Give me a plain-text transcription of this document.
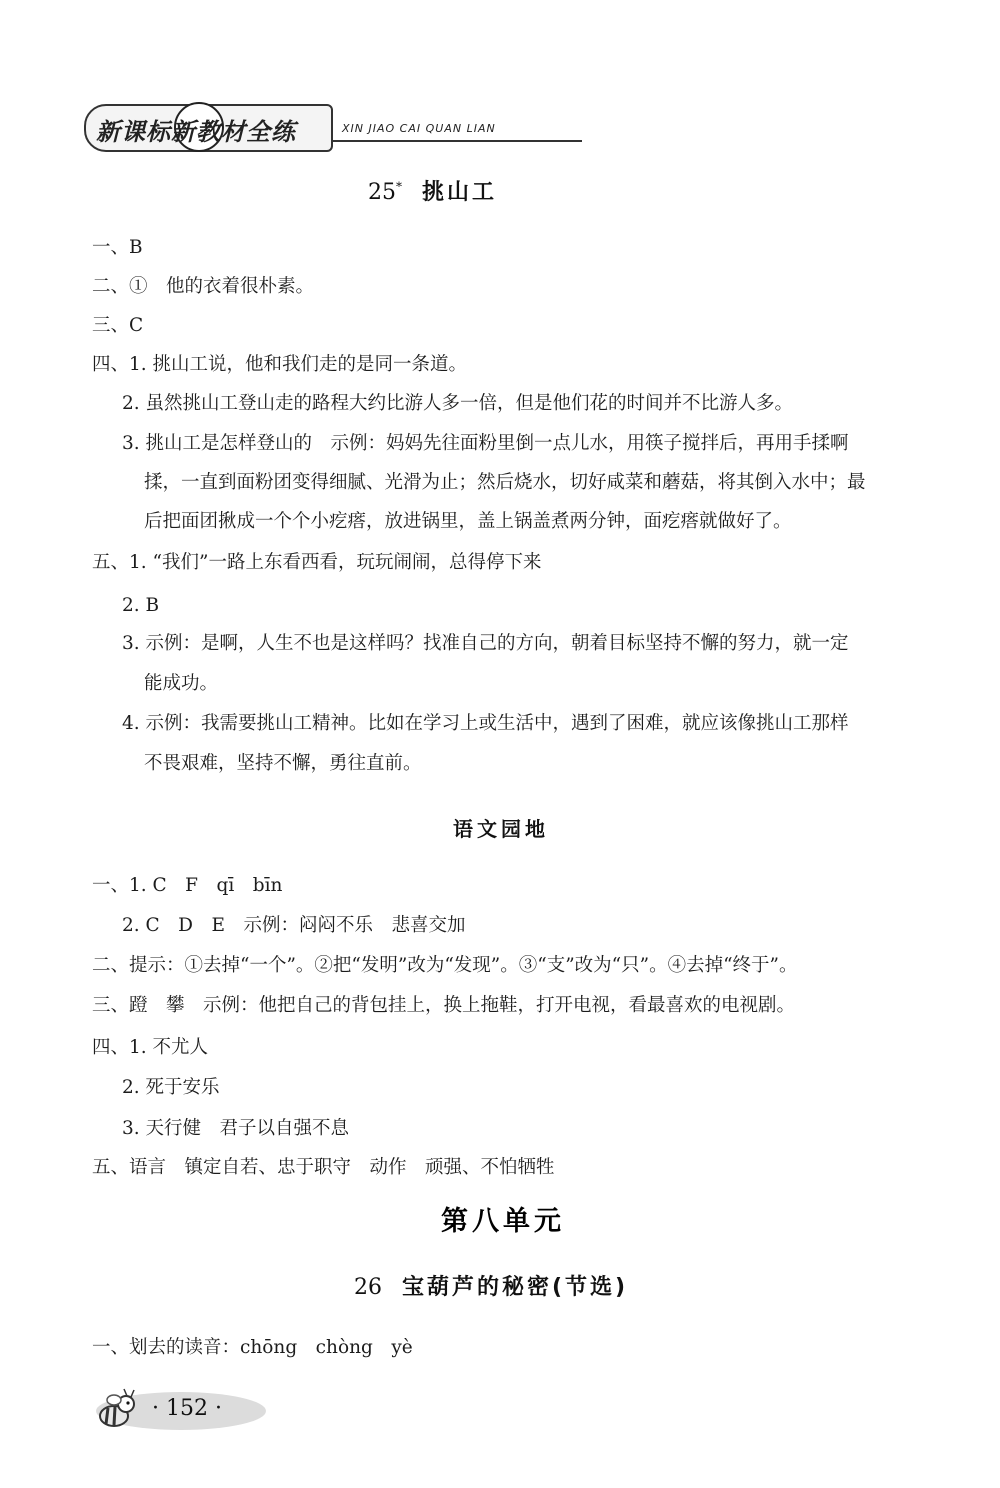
新课标新教材全练	XIN JIAO CAI QUAN LIAN
25* 挑山工
一、B
二、①　他的衣着很朴素。
三、C
四、1. 挑山工说，他和我们走的是同一条道。
2. 虽然挑山工登山走的路程大约比游人多一倍，但是他们花的时间并不比游人多。
3. 挑山工是怎样登山的　示例：妈妈先往面粉里倒一点儿水，用筷子搅拌后，再用手揉啊
揉，一直到面粉团变得细腻、光滑为止；然后烧水，切好咸菜和蘑菇，将其倒入水中；最
后把面团揪成一个个小疙瘩，放进锅里，盖上锅盖煮两分钟，面疙瘩就做好了。
五、1. “我们”一路上东看西看，玩玩闹闹，总得停下来
2. B
3. 示例：是啊，人生不也是这样吗？找准自己的方向，朝着目标坚持不懈的努力，就一定
能成功。
4. 示例：我需要挑山工精神。比如在学习上或生活中，遇到了困难，就应该像挑山工那样
不畏艰难，坚持不懈，勇往直前。
语文园地
一、1. C　F　qī　bīn
2. C　D　E　示例：闷闷不乐　悲喜交加
二、提示：①去掉“一个”。②把“发明”改为“发现”。③“支”改为“只”。④去掉“终于”。
三、蹬　攀　示例：他把自己的背包挂上，换上拖鞋，打开电视，看最喜欢的电视剧。
四、1. 不尤人
2. 死于安乐
3. 天行健　君子以自强不息
五、语言　镇定自若、忠于职守　动作　顽强、不怕牺牲
第八单元
26 宝葫芦的秘密(节选)
一、划去的读音：chōng　chòng　yè
· 152 ·
